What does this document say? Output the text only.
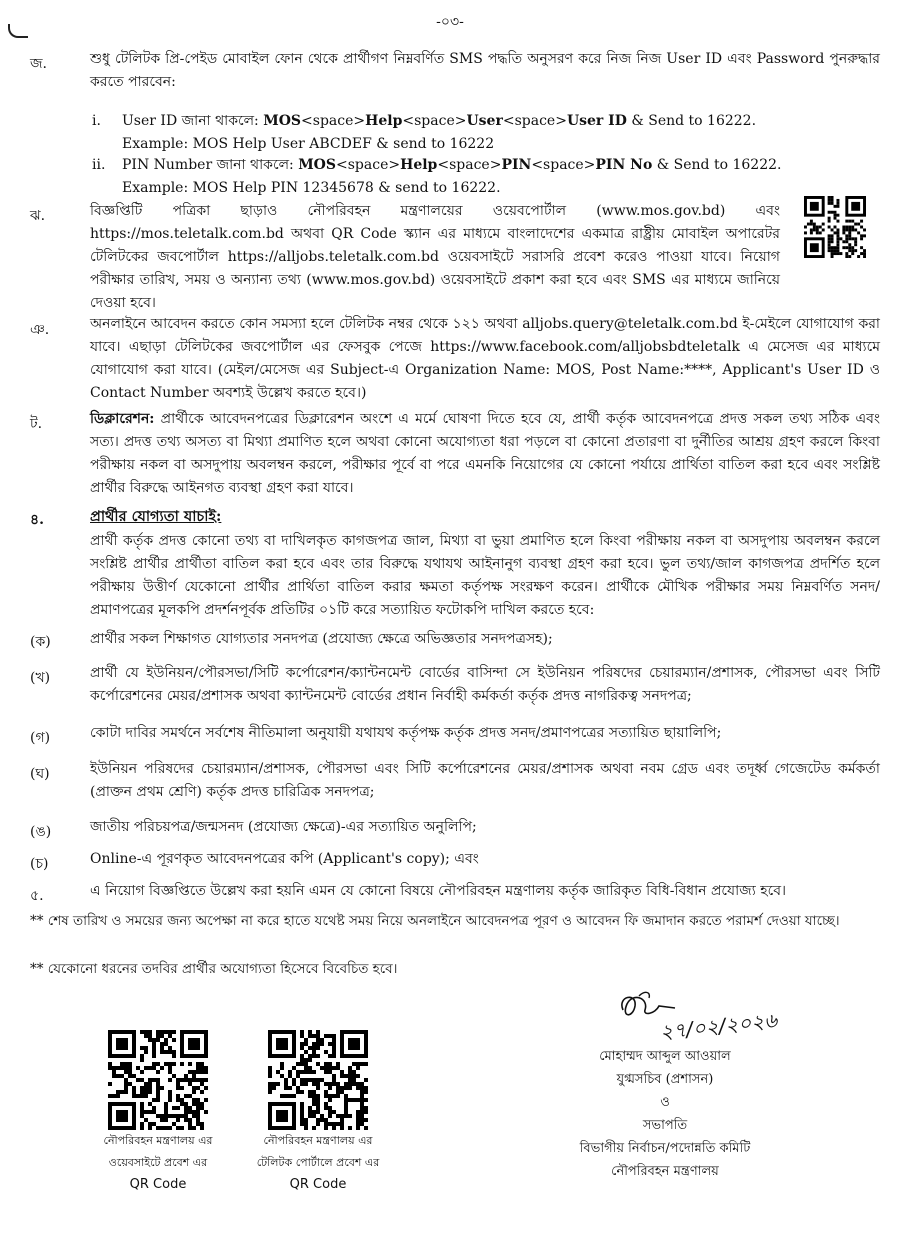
-০৩-
জ.	শুধু টেলিটক প্রি-পেইড মোবাইল ফোন থেকে প্রার্থীগণ নিম্নবর্ণিত SMS পদ্ধতি অনুসরণ করে নিজ নিজ User ID এবং Password পুনরুদ্ধার করতে পারবেন:
i. User ID জানা থাকলে: MOS<space>Help<space>User<space>User ID & Send to 16222.
Example: MOS Help User ABCDEF & send to 16222
ii. PIN Number জানা থাকলে: MOS<space>Help<space>PIN<space>PIN No & Send to 16222.
Example: MOS Help PIN 12345678 & send to 16222.
ঝ.	বিজ্ঞপ্তিটি পত্রিকা ছাড়াও নৌপরিবহন মন্ত্রণালয়ের ওয়েবপোর্টাল (www.mos.gov.bd) এবং https://mos.teletalk.com.bd অথবা QR Code স্ক্যান এর মাধ্যমে বাংলাদেশের একমাত্র রাষ্ট্রীয় মোবাইল অপারেটর টেলিটকের জবপোর্টাল https://alljobs.teletalk.com.bd ওয়েবসাইটে সরাসরি প্রবেশ করেও পাওয়া যাবে। নিয়োগ পরীক্ষার তারিখ, সময় ও অন্যান্য তথ্য (www.mos.gov.bd) ওয়েবসাইটে প্রকাশ করা হবে এবং SMS এর মাধ্যমে জানিয়ে দেওয়া হবে।
ঞ.	অনলাইনে আবেদন করতে কোন সমস্যা হলে টেলিটক নম্বর থেকে ১২১ অথবা alljobs.query@teletalk.com.bd ই-মেইলে যোগাযোগ করা যাবে। এছাড়া টেলিটকের জবপোর্টাল এর ফেসবুক পেজে https://www.facebook.com/alljobsbdteletalk এ মেসেজ এর মাধ্যমে যোগাযোগ করা যাবে। (মেইল/মেসেজ এর Subject-এ Organization Name: MOS, Post Name:****, Applicant's User ID ও Contact Number অবশ্যই উল্লেখ করতে হবে।)
ট.	ডিক্লারেশন: প্রার্থীকে আবেদনপত্রের ডিক্লারেশন অংশে এ মর্মে ঘোষণা দিতে হবে যে, প্রার্থী কর্তৃক আবেদনপত্রে প্রদত্ত সকল তথ্য সঠিক এবং সত্য। প্রদত্ত তথ্য অসত্য বা মিথ্যা প্রমাণিত হলে অথবা কোনো অযোগ্যতা ধরা পড়লে বা কোনো প্রতারণা বা দুর্নীতির আশ্রয় গ্রহণ করলে কিংবা পরীক্ষায় নকল বা অসদুপায় অবলম্বন করলে, পরীক্ষার পূর্বে বা পরে এমনকি নিয়োগের যে কোনো পর্যায়ে প্রার্থিতা বাতিল করা হবে এবং সংশ্লিষ্ট প্রার্থীর বিরুদ্ধে আইনগত ব্যবস্থা গ্রহণ করা যাবে।
৪.	প্রার্থীর যোগ্যতা যাচাই:
প্রার্থী কর্তৃক প্রদত্ত কোনো তথ্য বা দাখিলকৃত কাগজপত্র জাল, মিথ্যা বা ভুয়া প্রমাণিত হলে কিংবা পরীক্ষায় নকল বা অসদুপায় অবলম্বন করলে সংশ্লিষ্ট প্রার্থীর প্রার্থীতা বাতিল করা হবে এবং তার বিরুদ্ধে যথাযথ আইনানুগ ব্যবস্থা গ্রহণ করা হবে। ভুল তথ্য/জাল কাগজপত্র প্রদর্শিত হলে পরীক্ষায় উত্তীর্ণ যেকোনো প্রার্থীর প্রার্থিতা বাতিল করার ক্ষমতা কর্তৃপক্ষ সংরক্ষণ করেন। প্রার্থীকে মৌখিক পরীক্ষার সময় নিম্নবর্ণিত সনদ/প্রমাণপত্রের মূলকপি প্রদর্শনপূর্বক প্রতিটির ০১টি করে সত্যায়িত ফটোকপি দাখিল করতে হবে:
(ক)	প্রার্থীর সকল শিক্ষাগত যোগ্যতার সনদপত্র (প্রযোজ্য ক্ষেত্রে অভিজ্ঞতার সনদপত্রসহ);
(খ)	প্রার্থী যে ইউনিয়ন/পৌরসভা/সিটি কর্পোরেশন/ক্যান্টনমেন্ট বোর্ডের বাসিন্দা সে ইউনিয়ন পরিষদের চেয়ারম্যান/প্রশাসক, পৌরসভা এবং সিটি কর্পোরেশনের মেয়র/প্রশাসক অথবা ক্যান্টনমেন্ট বোর্ডের প্রধান নির্বাহী কর্মকর্তা কর্তৃক প্রদত্ত নাগরিকত্ব সনদপত্র;
(গ)	কোটা দাবির সমর্থনে সর্বশেষ নীতিমালা অনুযায়ী যথাযথ কর্তৃপক্ষ কর্তৃক প্রদত্ত সনদ/প্রমাণপত্রের সত্যায়িত ছায়ালিপি;
(ঘ)	ইউনিয়ন পরিষদের চেয়ারম্যান/প্রশাসক, পৌরসভা এবং সিটি কর্পোরেশনের মেয়র/প্রশাসক অথবা নবম গ্রেড এবং তদূর্ধ্ব গেজেটেড কর্মকর্তা (প্রাক্তন প্রথম শ্রেণি) কর্তৃক প্রদত্ত চারিত্রিক সনদপত্র;
(ঙ)	জাতীয় পরিচয়পত্র/জন্মসনদ (প্রযোজ্য ক্ষেত্রে)-এর সত্যায়িত অনুলিপি;
(চ)	Online-এ পূরণকৃত আবেদনপত্রের কপি (Applicant's copy); এবং
৫.	এ নিয়োগ বিজ্ঞপ্তিতে উল্লেখ করা হয়নি এমন যে কোনো বিষয়ে নৌপরিবহন মন্ত্রণালয় কর্তৃক জারিকৃত বিধি-বিধান প্রযোজ্য হবে।
** শেষ তারিখ ও সময়ের জন্য অপেক্ষা না করে হাতে যথেষ্ট সময় নিয়ে অনলাইনে আবেদনপত্র পূরণ ও আবেদন ফি জমাদান করতে পরামর্শ দেওয়া যাচ্ছে।
** যেকোনো ধরনের তদবির প্রার্থীর অযোগ্যতা হিসেবে বিবেচিত হবে।
নৌপরিবহন মন্ত্রণালয় এর
ওয়েবসাইটে প্রবেশ এর
QR Code
নৌপরিবহন মন্ত্রণালয় এর
টেলিটক পোর্টালে প্রবেশ এর
QR Code
২৭/০২/২০২৬
মোহাম্মদ আব্দুল আওয়াল
যুগ্মসচিব (প্রশাসন)
ও
সভাপতি
বিভাগীয় নির্বাচন/পদোন্নতি কমিটি
নৌপরিবহন মন্ত্রণালয়
